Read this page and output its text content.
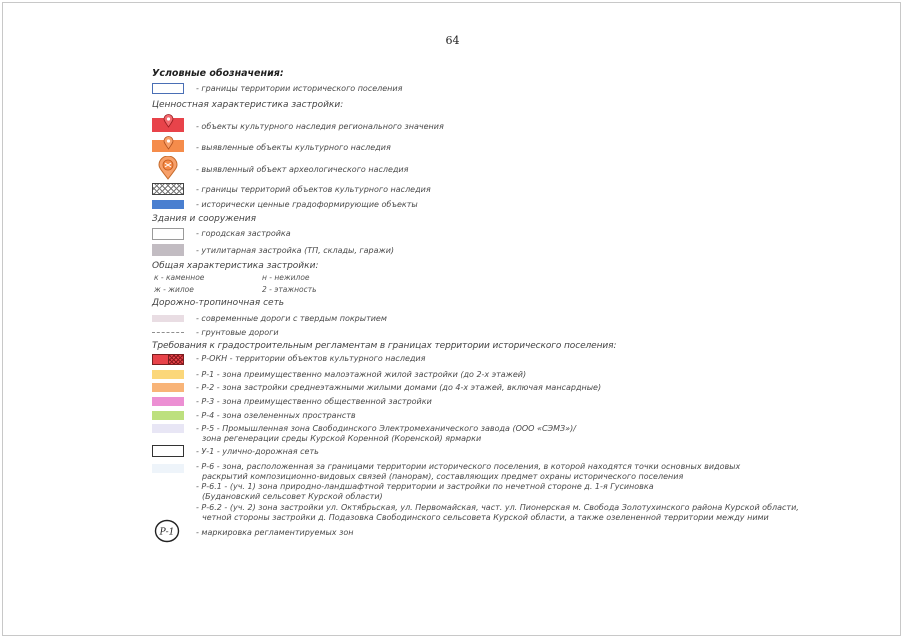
64
Условные обозначения:
- границы территории исторического поселения
Ценностная характеристика застройки:
- объекты культурного наследия регионального значения
- выявленные объекты культурного наследия
- выявленный объект археологического наследия
- границы территорий объектов культурного наследия
- исторически ценные градоформирующие объекты
Здания и сооружения
- городская застройка
- утилитарная застройка (ТП, склады, гаражи)
Общая характеристика застройки:
к - каменное	н - нежилое
ж - жилое	2 - этажность
Дорожно-тропиночная сеть
- современные дороги с твердым покрытием
- грунтовые дороги
Требования к градостроительным регламентам в границах территории исторического поселения:
- Р-ОКН - территории объектов культурного наследия
- Р-1 - зона преимущественно малоэтажной жилой застройки (до 2-х этажей)
- Р-2 - зона застройки среднеэтажными жилыми домами (до 4-х этажей, включая мансардные)
- Р-3 - зона преимущественно общественной застройки
- Р-4 - зона озелененных пространств
- Р-5 - Промышленная зона Свободинского Электромеханического завода (ООО «СЭМЗ»)/
зона регенерации среды Курской Коренной (Коренской) ярмарки
- У-1 - улично-дорожная сеть
- Р-6 - зона, расположенная за границами территории исторического поселения, в которой находятся точки основных видовых
раскрытий композиционно-видовых связей (панорам), составляющих предмет охраны исторического поселения
- Р-6.1 - (уч. 1) зона природно-ландшафтной территории и застройки по нечетной стороне д. 1-я Гусиновка
(Будановский сельсовет Курской области)
- Р-6.2 - (уч. 2) зона застройки ул. Октябрьская, ул. Первомайская, част. ул. Пионерская м. Свобода Золотухинского района Курской области,
четной стороны застройки д. Подазовка Свободинского сельсовета Курской области, а также озелененной территории между ними
Р-1	- маркировка регламентируемых зон
